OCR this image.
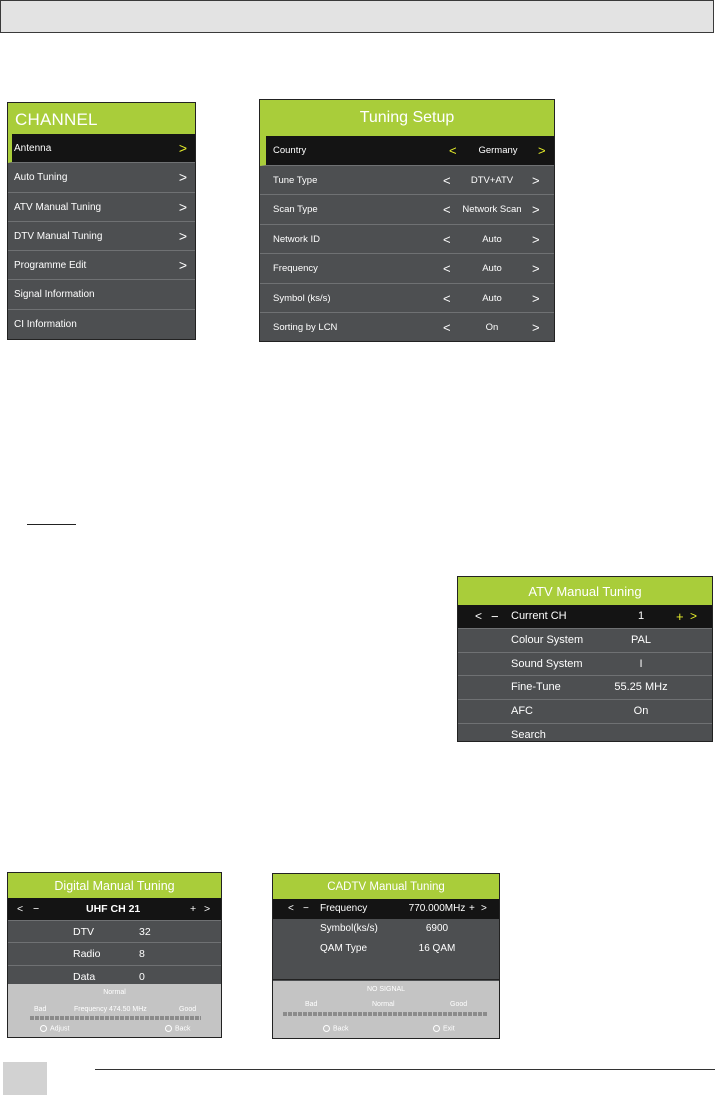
CHANNEL
Antenna	>
Auto Tuning	>
ATV Manual Tuning	>
DTV Manual Tuning	>
Programme Edit	>
Signal Information
CI Information
Tuning Setup
Country	<	Germany	>
Tune Type	<	DTV+ATV	>
Scan Type	<	Network Scan >
Network ID	<	Auto	>
Frequency	<	Auto	>
Symbol (ks/s)	<	Auto	>
Sorting by LCN	<	On	>
ATV Manual Tuning
< − Current CH	1	+ >
Colour System	PAL
Sound System	I
Fine-Tune	55.25 MHz
AFC	On
Search
Digital Manual Tuning
< −	UHF CH 21	+ >
DTV	32
Radio	8
Data	0
Normal
Bad	Frequency 474.50 MHz	Good
Adjust	Back
CADTV Manual Tuning
< − Frequency	770.000MHz + >
Symbol(ks/s)	6900
QAM Type	16 QAM
NO SIGNAL
Bad	Normal	Good
Back	Exit
